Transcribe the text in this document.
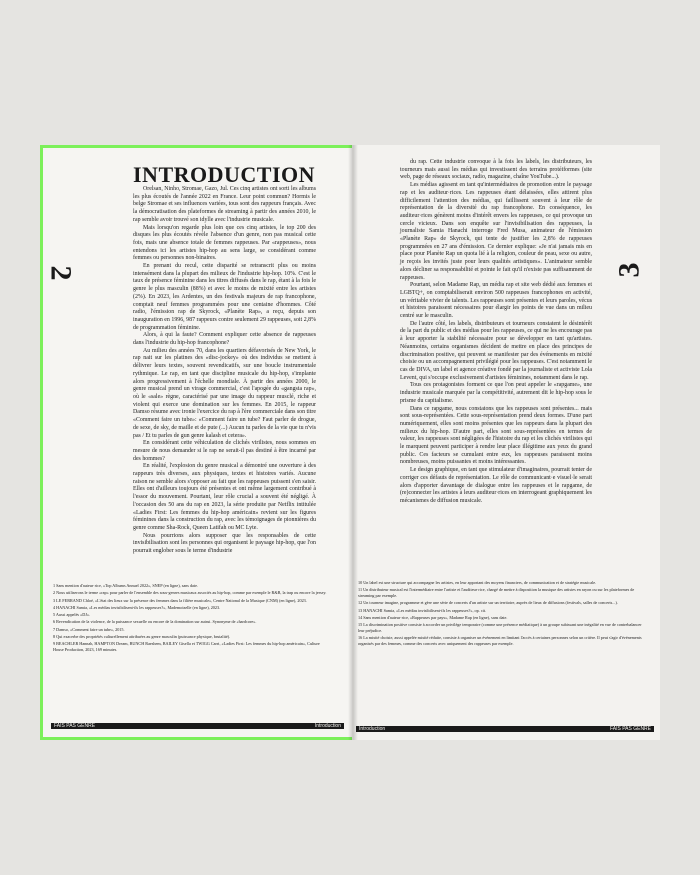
2
INTRODUCTION

Orelsan, Ninho, Stromae, Gazo, Jul. Ces cinq artistes ont sorti les albums les plus écoutés de l'année 2022 en France. Leur point commun? Hormis le belge Stromae et ses influences variées, tous sont des rappeurs français. Avec la démocratisation des plateformes de streaming à partir des années 2010, le rap semble avoir trouvé son idylle avec l'industrie musicale.

Mais lorsqu'on regarde plus loin que ces cinq artistes, le top 200 des disques les plus écoutés révèle l'absence d'un genre, non pas musical cette fois, mais une absence totale de femmes rappeuses. Par «rappeuses», nous entendons ici les artistes hip-hop au sens large, se considérant comme femmes ou personnes non-binaires.

En prenant du recul, cette disparité se retranscrit plus ou moins intensément dans la plupart des milieux de l'industrie hip-hop. 10%. C'est le taux de présence féminine dans les titres diffusés dans le rap, étant à la fois le genre le plus masculin (88%) et avec le moins de mixité entre les artistes (2%). En 2023, les Ardentes, un des festivals majeurs de rap francophone, comptait neuf femmes programmées pour une centaine d'hommes. Côté radio, l'émission rap de Skyrock, «Planète Rap», a reçu, depuis son inauguration en 1996, 987 rappeurs contre seulement 29 rappeuses, soit 2,8% de programmation féminine.

Alors, à qui la faute? Comment expliquer cette absence de rappeuses dans l'industrie du hip-hop francophone?

Au milieu des années 70, dans les quartiers défavorisés de New York, le rap nait sur les platines des «disc-jockey» où des individus se mettent à délivrer leurs textes, souvent revendicatifs, sur une boucle instrumentale rythmique. Le rap, en tant que discipline musicale du hip-hop, s'implante alors progressivement à l'échelle mondiale. À partir des années 2000, le genre musical prend un virage commercial, c'est l'apogée du «gangsta rap», où le «sale» règne, caractérisé par une image du rappeur musclé, riche et violent qui exerce une domination sur les femmes. En 2015, le rappeur Damso résume avec ironie l'exercice du rap à l'ère commerciale dans son titre «Comment faire un tube»: «Comment faire un tube? Faut parler de drogue, de sexe, de sky, de maille et de pute (...) Aucun tu parles de la vie que tu n'vis pas / Et tu parles de gun genre kalash et cetera».

En considérant cette véhiculation de clichés virilistes, nous sommes en mesure de nous demander si le rap ne serait-il pas destiné à être incarné par des hommes?

En réalité, l'explosion du genre musical a démontré une ouverture à des rappeurs très diverses, aux physiques, textes et histoires variés. Aucune raison ne semble alors s'opposer au fait que les rappeuses puissent s'en saisir. Elles ont d'ailleurs toujours été présentes et ont même largement contribué à l'essor du mouvement. Pourtant, leur rôle crucial a souvent été négligé. À l'occasion des 50 ans du rap en 2023, la série produite par Netflix intitulée «Ladies First: Les femmes du hip-hop américain» revient sur les figures féminines dans la construction du rap, avec les témoignages de pionnières du genre comme Sha-Rock, Queen Latifah ou MC Lyte.

Nous pourrions alors supposer que les responsables de cette invisibilisation sont les personnes qui organisent le paysage hip-hop, que l'on pourrait englober sous le terme d'industrie

1 Sans mention d'auteur·rice, «Top Albums Annuel 2022», SNEP (en ligne), sans date.
2 Nous utiliserons le terme «rap» pour parler de l'ensemble des sous-genres musicaux associés au hip-hop, comme par exemple le R&B, la trap ou encore la jersey.
3 LE FERRAND Chloé, «L'état des lieux sur la présence des femmes dans la filière musicale», Centre National de la Musique (CNM) (en ligne), 2023.
4 HANACHI Samia, «Les médias invisibilisent-ils les rappeuses?», Mademoizelle (en ligne), 2023.
5 Aussi appelés «DJ».
6 Revendication de la violence, de la puissance sexuelle ou encore de la domination sur autrui. Synonyme de «hardcore».
7 Damso, «Comment faire un tube», 2015.
8 Qui exacerbe des propriétés culturellement attribuées au genre masculin (puissance physique, brutalité).
9 BEACHLER Hannah, HAMPTON Dream, BUNCH Raeshem, BAILEY Gisella et TWIGG Carri, «Ladies First: Les femmes du hip-hop américain», Culture House Production, 2023, 169 minutes.
FAIS PAS GENRE	Introduction
3

du rap. Cette industrie convoque à la fois les labels, les distributeurs, les tourneurs mais aussi les médias qui investissent des terrains protéiformes (site web, page de réseaux sociaux, radio, magazine, chaîne YouTube...).

Les médias agissent en tant qu'intermédiaires de promotion entre le paysage rap et les auditeur·rices. Les rappeuses étant délaissées, elles attirent plus difficilement l'attention des médias, qui faillissent souvent à leur rôle de représentation de la diversité du rap francophone. En conséquence, les auditeur·rices génèrent moins d'intérêt envers les rappeuses, ce qui provoque un cercle vicieux. Dans son enquête sur l'invisibilisation des rappeuses, la journaliste Samia Hanachi interroge Fred Musa, animateur de l'émission «Planète Rap» de Skyrock, qui tente de justifier les 2,8% de rappeuses programmées en 27 ans d'émission. Ce dernier explique: «Je n'ai jamais mis en place pour Planète Rap un quota lié à la religion, couleur de peau, sexe ou autre, je reçois les invités juste pour leurs qualités artistiques». L'animateur semble alors décliner sa responsabilité et pointe le fait qu'il n'existe pas suffisamment de rappeuses.

Pourtant, selon Madame Rap, un média rap et site web dédié aux femmes et LGBTQ+, on comptabiliserait environ 500 rappeuses francophones en activité, un véritable vivier de talents. Les rappeuses sont présentes et leurs paroles, vécus et histoires paraissent nécessaires pour élargir les points de vue dans un milieu centré sur le masculin.

De l'autre côté, les labels, distributeurs et tourneurs constatent le désintérêt de la part du public et des médias pour les rappeuses, ce qui ne les encourage pas à leur apporter la stabilité nécessaire pour se développer en tant qu'artistes. Néanmoins, certains organismes décident de mettre en place des principes de discrimination positive, qui peuvent se manifester par des événements en mixité choisie ou un accompagnement privilégié pour les rappeuses. C'est notamment le cas de DIVA, un label et agence créative fondé par la journaliste et activiste Lola Levent, qui s'occupe exclusivement d'artistes féminines, notamment dans le rap.

Tous ces protagonistes forment ce que l'on peut appeler le «rapgame», une industrie musicale marquée par la compétitivité, autrement dit le hip-hop sous le prisme du capitalisme.

Dans ce rapgame, nous constatons que les rappeuses sont présentes... mais sont sous-représentées. Cette sous-représentation prend deux formes. D'une part numériquement, elles sont moins présentes que les rappeurs dans la plupart des milieux du hip-hop. D'autre part, elles sont sous-représentées en termes de valeur, les rappeuses sont négligées de l'histoire du rap et les clichés virilistes qui le marquent peuvent participer à rendre leur place illégitime aux yeux du grand public. Ces facteurs se cumulant entre eux, les rappeuses paraissent moins nombreuses, moins puissantes et moins intéressantes.

Le design graphique, en tant que stimulateur d'imaginaires, pourrait tenter de corriger ces défauts de représentation. Le rôle de communicant·e visuel·le serait alors d'apporter davantage de dialogue entre les rappeuses et le rapgame, de (re)connecter les artistes à leurs auditeur·rices en interrogeant graphiquement les mécanismes de diffusion musicale.

10 Un label est une structure qui accompagne les artistes, en leur apportant des moyens financiers, de communication et de stratégie musicale.
11 Un distributeur musical est l'intermédiaire entre l'artiste et l'auditeur·rice, chargé de mettre à disposition la musique des artistes en rayon ou sur les plateformes de streaming par exemple.
12 Un tourneur imagine, programme et gère une série de concerts d'un artiste sur un territoire, auprès de lieux de diffusions (festivals, salles de concerts...).
13 HANACHI Samia, «Les médias invisibilisent-ils les rappeuses?», op. cit.
14 Sans mention d'auteur·rice, «Rappeuses par pays», Madame Rap (en ligne), sans date.
15 La discrimination positive consiste à accorder un privilège temporaire (comme une présence médiatique) à un groupe subissant une inégalité en vue de contrebalancer leur préjudice.
16 La mixité choisie, aussi appelée mixité réduite, consiste à organiser un événement en limitant l'accès à certaines personnes selon un critère. Il peut s'agir d'événements organisés par des femmes, comme des concerts avec uniquement des rappeuses par exemple.
Introduction	FAIS PAS GENRE
